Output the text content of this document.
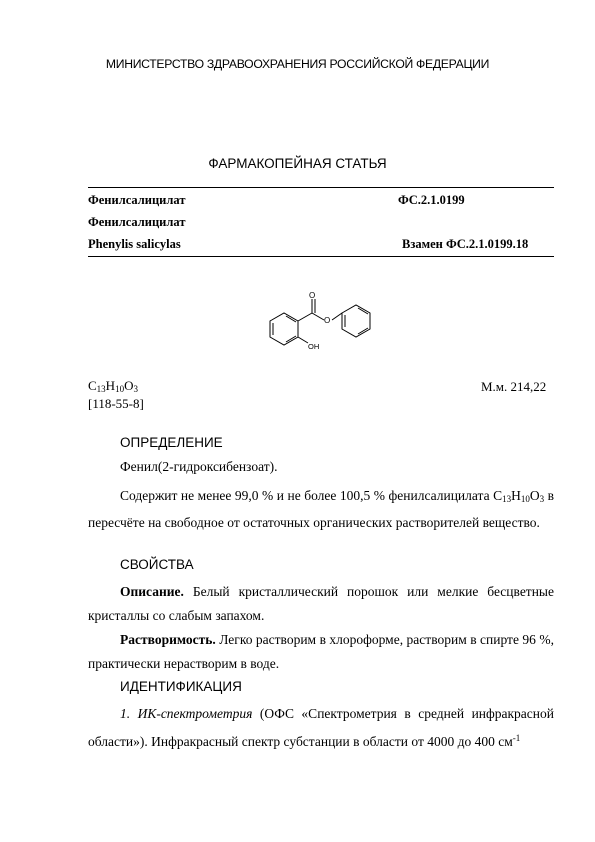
МИНИСТЕРСТВО ЗДРАВООХРАНЕНИЯ РОССИЙСКОЙ ФЕДЕРАЦИИ
ФАРМАКОПЕЙНАЯ СТАТЬЯ
Фенилсалицилат	ФС.2.1.0199
Фенилсалицилат
Phenylis salicylas	Взамен ФС.2.1.0199.18
O
O
OH
$C_{13}H_{10}O_3$	М.м. 214,22
[118-55-8]
ОПРЕДЕЛЕНИЕ
Фенил(2-гидроксибензоат).
Содержит не менее 99,0 % и не более 100,5 % фенилсалицилата $C_{13}H_{10}O_3$ в пересчёте на свободное от остаточных органических растворителей вещество.
СВОЙСТВА
Описание. Белый кристаллический порошок или мелкие бесцветные кристаллы со слабым запахом.
Растворимость. Легко растворим в хлороформе, растворим в спирте 96 %, практически нерастворим в воде.
ИДЕНТИФИКАЦИЯ
1. ИК-спектрометрия (ОФС «Спектрометрия в средней инфракрасной области»). Инфракрасный спектр субстанции в области от 4000 до 400 $см^{-1}$
